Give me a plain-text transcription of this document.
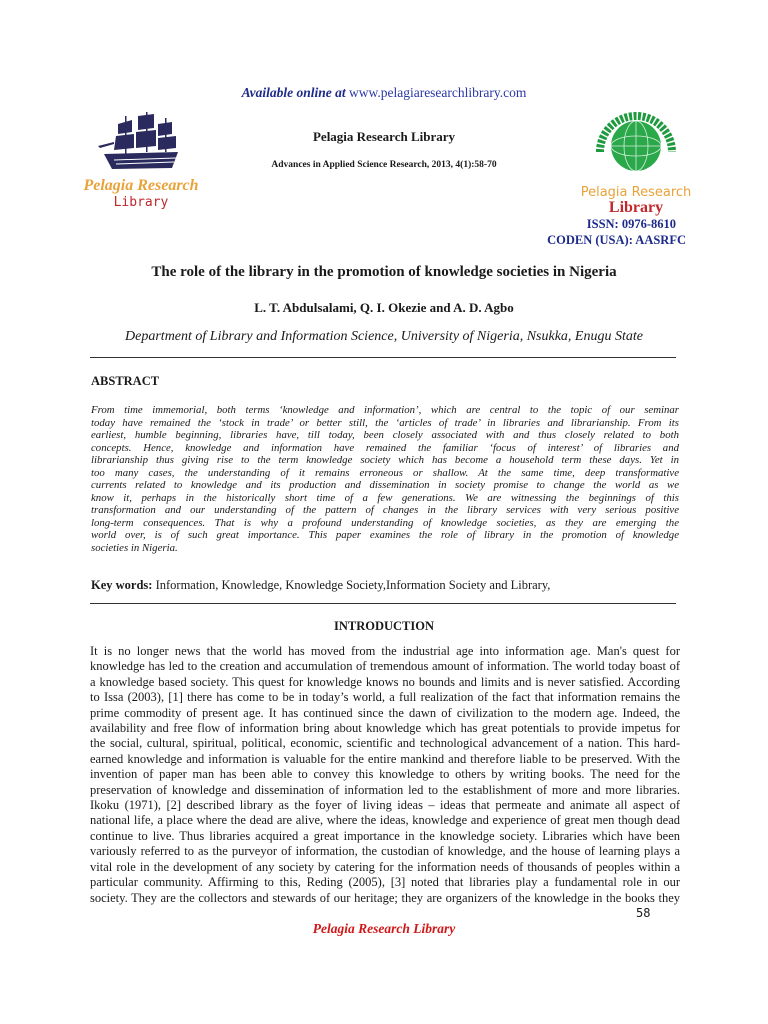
Available online at www.pelagiaresearchlibrary.com
Pelagia Research
Library
Pelagia Research Library
Advances in Applied Science Research, 2013, 4(1):58-70
Pelagia Research
Library
ISSN: 0976-8610
CODEN (USA): AASRFC
The role of the library in the promotion of knowledge societies in Nigeria
L. T. Abdulsalami, Q. I. Okezie and A. D. Agbo
Department of Library and Information Science, University of Nigeria, Nsukka, Enugu State
ABSTRACT
From time immemorial, both terms ‘knowledge and information’, which are central to the topic of our seminar
today have remained the ‘stock in trade’ or better still, the ‘articles of trade’ in libraries and librarianship. From its
earliest, humble beginning, libraries have, till today, been closely associated with and thus closely related to both
concepts. Hence, knowledge and information have remained the familiar ‘focus of interest’ of libraries and
librarianship thus giving rise to the term knowledge society which has become a household term these days. Yet in
too many cases, the understanding of it remains erroneous or shallow. At the same time, deep transformative
currents related to knowledge and its production and dissemination in society promise to change the world as we
know it, perhaps in the historically short time of a few generations. We are witnessing the beginnings of this
transformation and our understanding of the pattern of changes in the library services with very serious positive
long-term consequences. That is why a profound understanding of knowledge societies, as they are emerging the
world over, is of such great importance. This paper examines the role of library in the promotion of knowledge
societies in Nigeria.
Key words: Information, Knowledge, Knowledge Society,Information Society and Library,
INTRODUCTION
It is no longer news that the world has moved from the industrial age into information age. Man's quest for
knowledge has led to the creation and accumulation of tremendous amount of information. The world today boast of
a knowledge based society. This quest for knowledge knows no bounds and limits and is never satisfied. According
to Issa (2003), [1] there has come to be in today’s world, a full realization of the fact that information remains the
prime commodity of present age. It has continued since the dawn of civilization to the modern age. Indeed, the
availability and free flow of information bring about knowledge which has great potentials to provide impetus for
the social, cultural, spiritual, political, economic, scientific and technological advancement of a nation. This hard-
earned knowledge and information is valuable for the entire mankind and therefore liable to be preserved. With the
invention of paper man has been able to convey this knowledge to others by writing books. The need for the
preservation of knowledge and dissemination of information led to the establishment of more and more libraries.
Ikoku (1971), [2] described library as the foyer of living ideas – ideas that permeate and animate all aspect of
national life, a place where the dead are alive, where the ideas, knowledge and experience of great men though dead
continue to live. Thus libraries acquired a great importance in the knowledge society. Libraries which have been
variously referred to as the purveyor of information, the custodian of knowledge, and the house of learning plays a
vital role in the development of any society by catering for the information needs of thousands of peoples within a
particular community. Affirming to this, Reding (2005), [3] noted that libraries play a fundamental role in our
society. They are the collectors and stewards of our heritage; they are organizers of the knowledge in the books they
58
Pelagia Research Library
